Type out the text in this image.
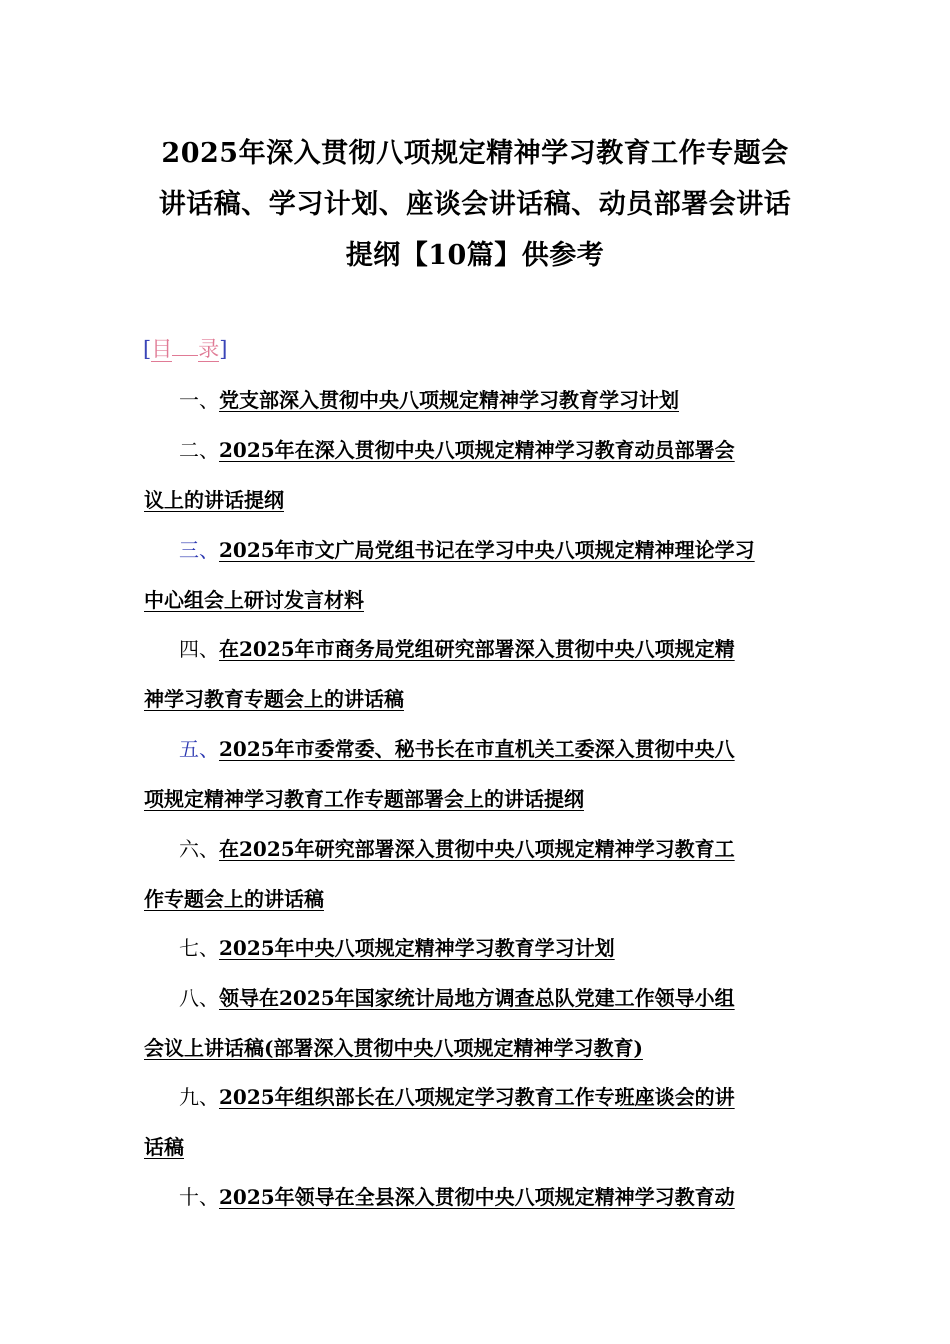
2025年深入贯彻八项规定精神学习教育工作专题会
讲话稿、学习计划、座谈会讲话稿、动员部署会讲话
提纲【10篇】供参考
[目 录]
一、党支部深入贯彻中央八项规定精神学习教育学习计划
二、2025年在深入贯彻中央八项规定精神学习教育动员部署会
议上的讲话提纲
三、2025年市文广局党组书记在学习中央八项规定精神理论学习
中心组会上研讨发言材料
四、在2025年市商务局党组研究部署深入贯彻中央八项规定精
神学习教育专题会上的讲话稿
五、2025年市委常委、秘书长在市直机关工委深入贯彻中央八
项规定精神学习教育工作专题部署会上的讲话提纲
六、在2025年研究部署深入贯彻中央八项规定精神学习教育工
作专题会上的讲话稿
七、2025年中央八项规定精神学习教育学习计划
八、领导在2025年国家统计局地方调查总队党建工作领导小组
会议上讲话稿(部署深入贯彻中央八项规定精神学习教育)
九、2025年组织部长在八项规定学习教育工作专班座谈会的讲
话稿
十、2025年领导在全县深入贯彻中央八项规定精神学习教育动
